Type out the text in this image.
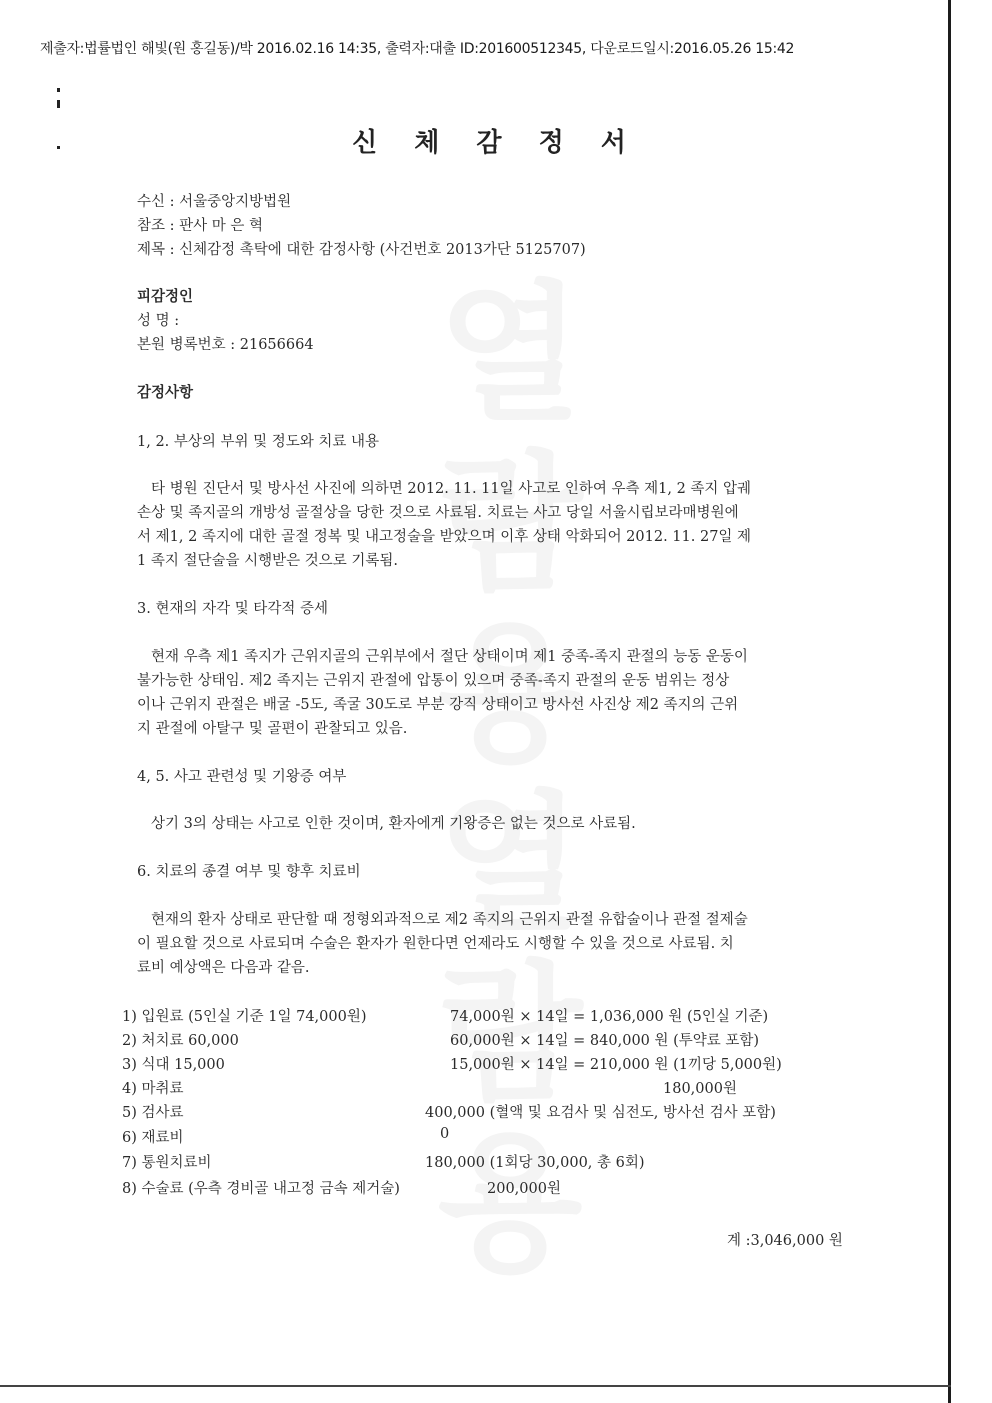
제출자:법률법인 해빛(원 홍길동)/박 2016.02.16 14:35, 출력자:대출 ID:201600512345, 다운로드일시:2016.05.26 15:42
신 체 감 정 서
수신 : 서울중앙지방법원
참조 : 판사 마 은 혁
제목 : 신체감정 촉탁에 대한 감정사항 (사건번호 2013가단 5125707)
피감정인
성 명 :
본원 병록번호 : 21656664
감정사항
1, 2. 부상의 부위 및 정도와 치료 내용
타 병원 진단서 및 방사선 사진에 의하면 2012. 11. 11일 사고로 인하여 우측 제1, 2 족지 압궤
손상 및 족지골의 개방성 골절상을 당한 것으로 사료됨. 치료는 사고 당일 서울시립보라매병원에
서 제1, 2 족지에 대한 골절 정복 및 내고정술을 받았으며 이후 상태 악화되어 2012. 11. 27일 제
1 족지 절단술을 시행받은 것으로 기록됨.
3. 현재의 자각 및 타각적 증세
현재 우측 제1 족지가 근위지골의 근위부에서 절단 상태이며 제1 중족-족지 관절의 능동 운동이
불가능한 상태임. 제2 족지는 근위지 관절에 압통이 있으며 중족-족지 관절의 운동 범위는 정상
이나 근위지 관절은 배굴 -5도, 족굴 30도로 부분 강직 상태이고 방사선 사진상 제2 족지의 근위
지 관절에 아탈구 및 골편이 관찰되고 있음.
4, 5. 사고 관련성 및 기왕증 여부
상기 3의 상태는 사고로 인한 것이며, 환자에게 기왕증은 없는 것으로 사료됨.
6. 치료의 종결 여부 및 향후 치료비
현재의 환자 상태로 판단할 때 정형외과적으로 제2 족지의 근위지 관절 유합술이나 관절 절제술
이 필요할 것으로 사료되며 수술은 환자가 원한다면 언제라도 시행할 수 있을 것으로 사료됨. 치
료비 예상액은 다음과 같음.
1) 입원료 (5인실 기준 1일 74,000원)	74,000원 × 14일 = 1,036,000 원 (5인실 기준)
2) 처치료 60,000	60,000원 × 14일 = 840,000 원 (투약료 포함)
3) 식대 15,000	15,000원 × 14일 = 210,000 원 (1끼당 5,000원)
4) 마취료	180,000원
5) 검사료	400,000 (혈액 및 요검사 및 심전도, 방사선 검사 포함)
6) 재료비	0
7) 통원치료비	180,000 (1회당 30,000, 총 6회)
8) 수술료 (우측 경비골 내고정 금속 제거술)	200,000원
계 :3,046,000 원
